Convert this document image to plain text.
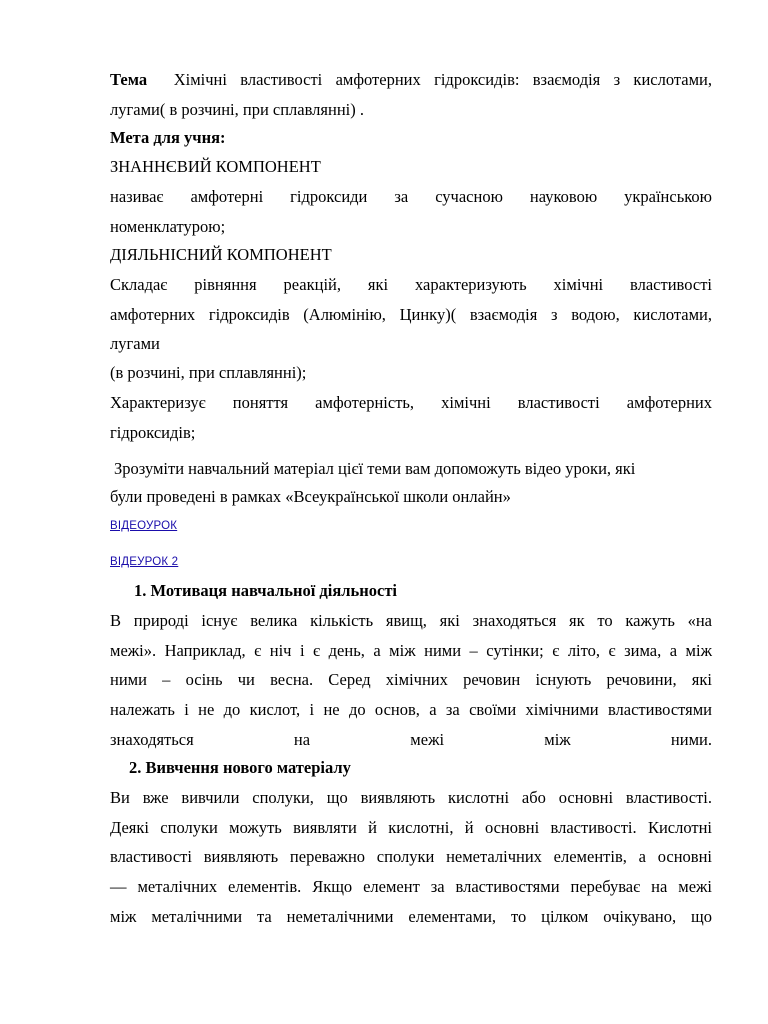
Тема Хімічні властивості амфотерних гідроксидів: взаємодія з кислотами,
лугами( в розчині, при сплавлянні) .
Мета для учня:
ЗНАННЄВИЙ КОМПОНЕНТ
називає амфотерні гідроксиди за сучасною науковою українською
номенклатурою;
ДІЯЛЬНІСНИЙ КОМПОНЕНТ
Складає рівняння реакцій, які характеризують хімічні властивості
амфотерних гідроксидів (Алюмінію, Цинку)( взаємодія з водою, кислотами,
лугами
(в розчині, при сплавлянні);
Характеризує поняття амфотерність, хімічні властивості амфотерних
гідроксидів;
Зрозуміти навчальний матеріал цієї теми вам допоможуть відео уроки, які
були проведені в рамках «Всеукраїнської школи онлайн»
ВІДЕОУРОК
ВІДЕУРОК 2
1. Мотиваця навчальної діяльності
В природі існує велика кількість явищ, які знаходяться як то кажуть «на
межі». Наприклад, є ніч і є день, а між ними – сутінки; є літо, є зима, а між
ними – осінь чи весна. Серед хімічних речовин існують речовини, які
належать і не до кислот, і не до основ, а за своїми хімічними властивостями
знаходяться на межі між ними.
2. Вивчення нового матеріалу
Ви вже вивчили сполуки, що виявляють кислотні або основні властивості.
Деякі сполуки можуть виявляти й кислотні, й основні властивості. Кислотні
властивості виявляють переважно сполуки неметалічних елементів, а основні
— металічних елементів. Якщо елемент за властивостями перебуває на межі
між металічними та неметалічними елементами, то цілком очікувано, що
